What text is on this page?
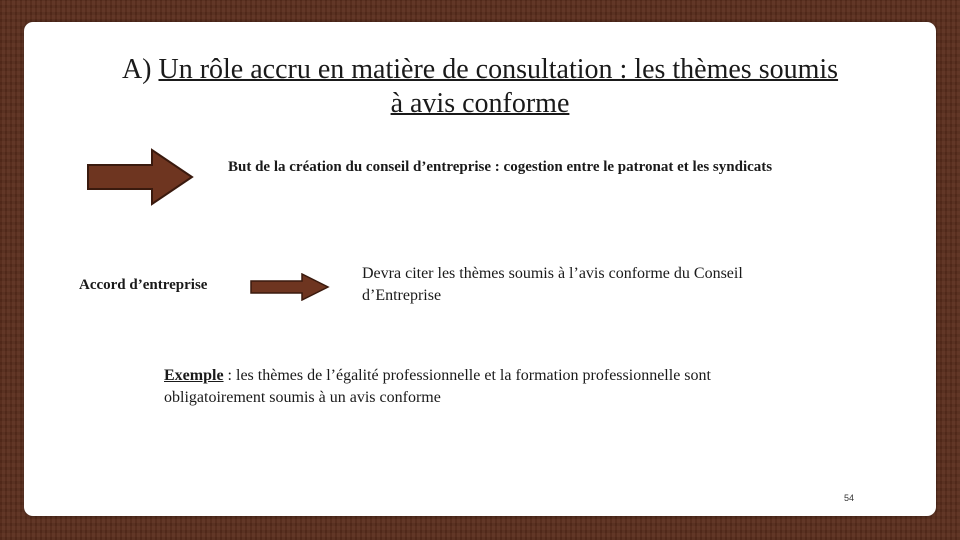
A) Un rôle accru en matière de consultation : les thèmes soumis
à avis conforme
But de la création du conseil d’entreprise : cogestion entre le patronat et les syndicats
Accord d’entreprise
Devra citer les thèmes soumis à l’avis conforme du Conseil d’Entreprise
Exemple : les thèmes de l’égalité professionnelle et la formation professionnelle sont obligatoirement soumis à un avis conforme
54
